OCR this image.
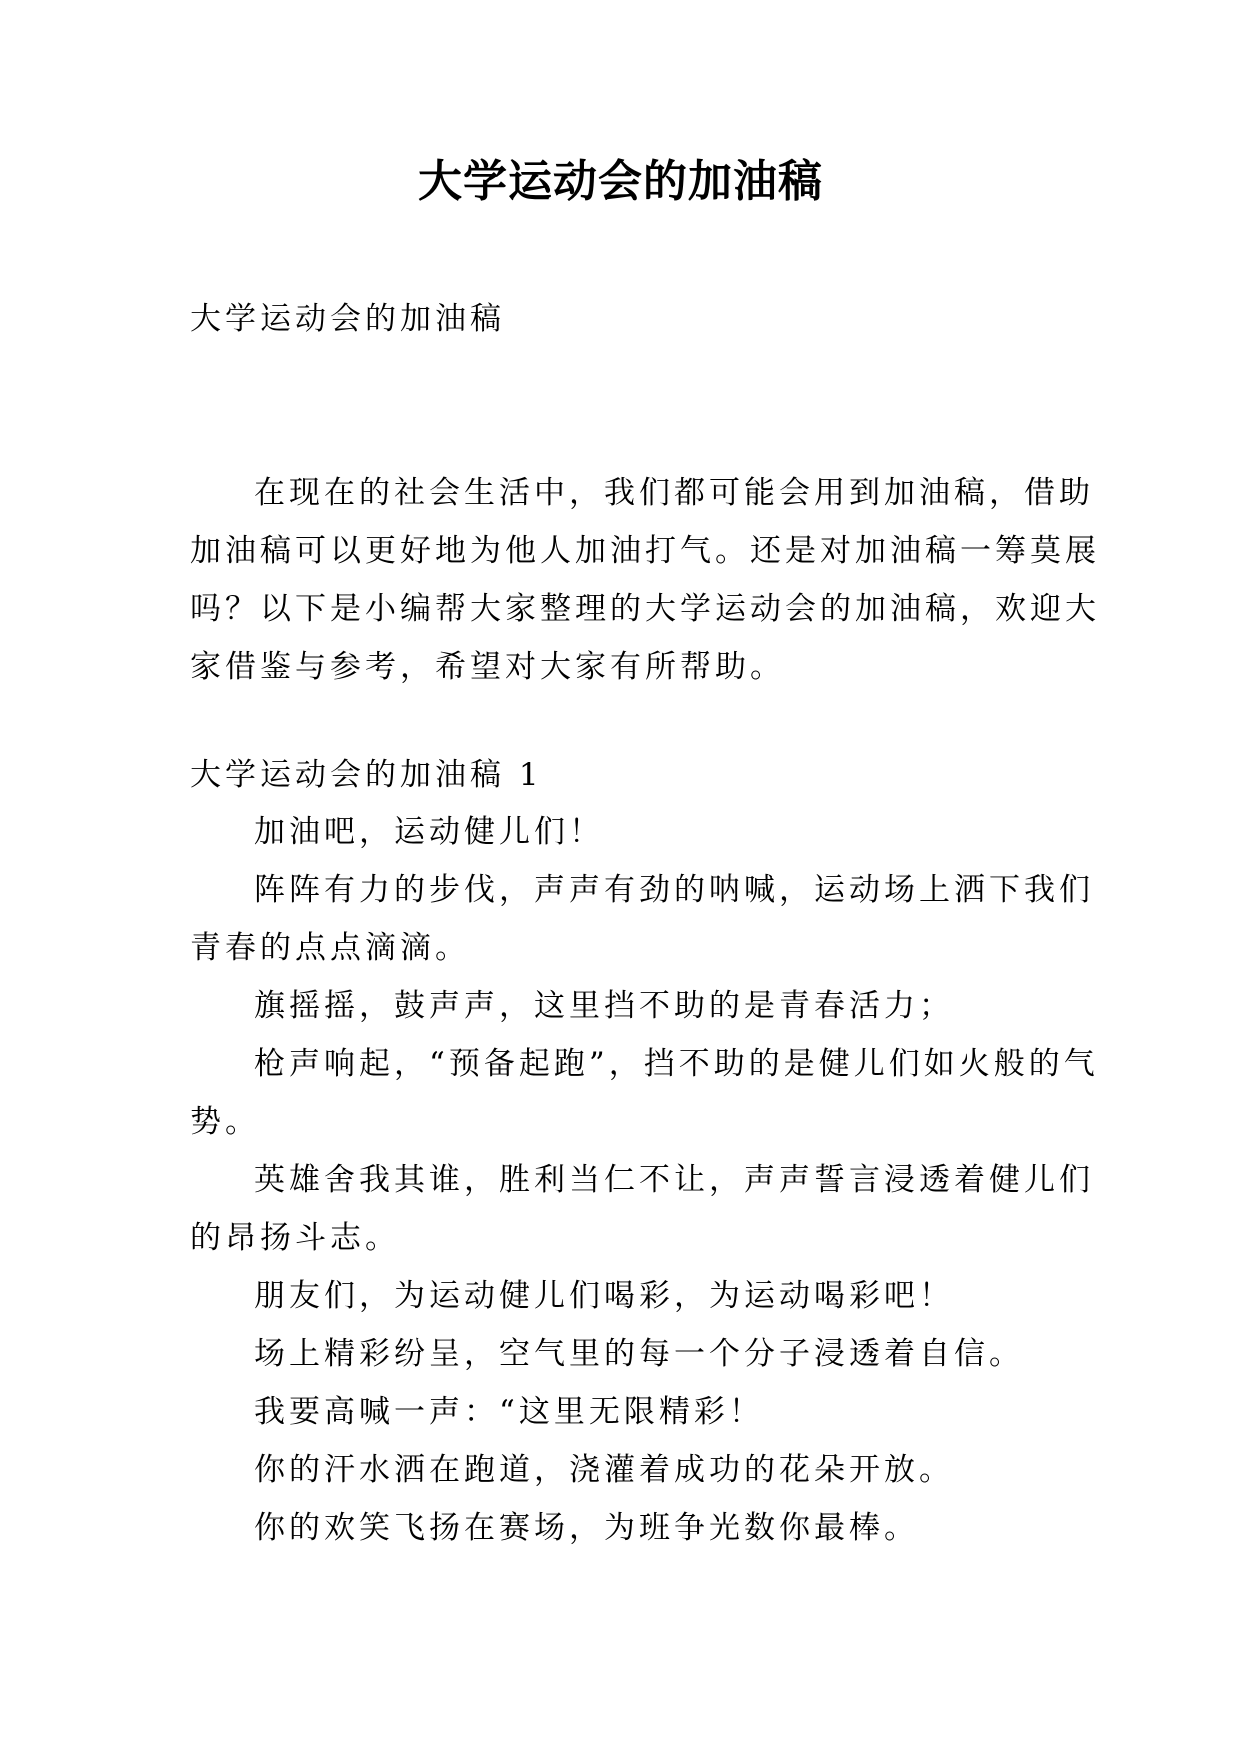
大学运动会的加油稿
大学运动会的加油稿
在现在的社会生活中，我们都可能会用到加油稿，借助
加油稿可以更好地为他人加油打气。还是对加油稿一筹莫展
吗？以下是小编帮大家整理的大学运动会的加油稿，欢迎大
家借鉴与参考，希望对大家有所帮助。
大学运动会的加油稿 1
加油吧，运动健儿们！
阵阵有力的步伐，声声有劲的呐喊，运动场上洒下我们
青春的点点滴滴。
旗摇摇，鼓声声，这里挡不助的是青春活力；
枪声响起，“预备起跑”，挡不助的是健儿们如火般的气
势。
英雄舍我其谁，胜利当仁不让，声声誓言浸透着健儿们
的昂扬斗志。
朋友们，为运动健儿们喝彩，为运动喝彩吧！
场上精彩纷呈，空气里的每一个分子浸透着自信。
我要高喊一声：“这里无限精彩！
你的汗水洒在跑道，浇灌着成功的花朵开放。
你的欢笑飞扬在赛场，为班争光数你最棒。
